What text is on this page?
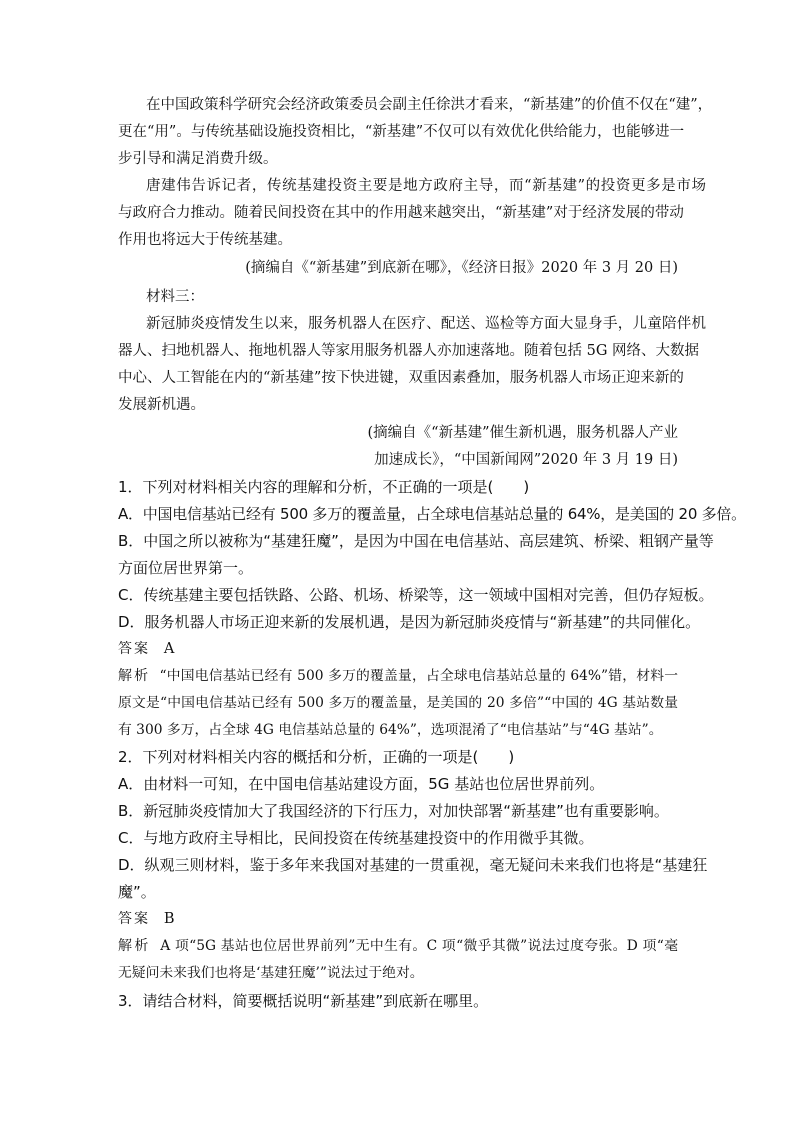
在中国政策科学研究会经济政策委员会副主任徐洪才看来，“新基建”的价值不仅在“建”，
更在“用”。与传统基础设施投资相比，“新基建”不仅可以有效优化供给能力，也能够进一
步引导和满足消费升级。
唐建伟告诉记者，传统基建投资主要是地方政府主导，而“新基建”的投资更多是市场
与政府合力推动。随着民间投资在其中的作用越来越突出，“新基建”对于经济发展的带动
作用也将远大于传统基建。
(摘编自《“新基建”到底新在哪》，《经济日报》2020 年 3 月 20 日)
材料三：
新冠肺炎疫情发生以来，服务机器人在医疗、配送、巡检等方面大显身手，儿童陪伴机
器人、扫地机器人、拖地机器人等家用服务机器人亦加速落地。随着包括 5G 网络、大数据
中心、人工智能在内的“新基建”按下快进键，双重因素叠加，服务机器人市场正迎来新的
发展新机遇。
(摘编自《“新基建”催生新机遇，服务机器人产业
加速成长》，“中国新闻网”2020 年 3 月 19 日)
1．下列对材料相关内容的理解和分析，不正确的一项是(　　)
A．中国电信基站已经有 500 多万的覆盖量，占全球电信基站总量的 64%，是美国的 20 多倍。
B．中国之所以被称为“基建狂魔”，是因为中国在电信基站、高层建筑、桥梁、粗钢产量等
方面位居世界第一。
C．传统基建主要包括铁路、公路、机场、桥梁等，这一领域中国相对完善，但仍存短板。
D．服务机器人市场正迎来新的发展机遇，是因为新冠肺炎疫情与“新基建”的共同催化。
答案 A
解析 “中国电信基站已经有 500 多万的覆盖量，占全球电信基站总量的 64%”错，材料一
原文是“中国电信基站已经有 500 多万的覆盖量，是美国的 20 多倍”“中国的 4G 基站数量
有 300 多万，占全球 4G 电信基站总量的 64%”，选项混淆了“电信基站”与“4G 基站”。
2．下列对材料相关内容的概括和分析，正确的一项是(　　)
A．由材料一可知，在中国电信基站建设方面，5G 基站也位居世界前列。
B．新冠肺炎疫情加大了我国经济的下行压力，对加快部署“新基建”也有重要影响。
C．与地方政府主导相比，民间投资在传统基建投资中的作用微乎其微。
D．纵观三则材料，鉴于多年来我国对基建的一贯重视，毫无疑问未来我们也将是“基建狂
魔”。
答案 B
解析 A 项“5G 基站也位居世界前列”无中生有。C 项“微乎其微”说法过度夸张。D 项“毫
无疑问未来我们也将是‘基建狂魔’”说法过于绝对。
3．请结合材料，简要概括说明“新基建”到底新在哪里。
